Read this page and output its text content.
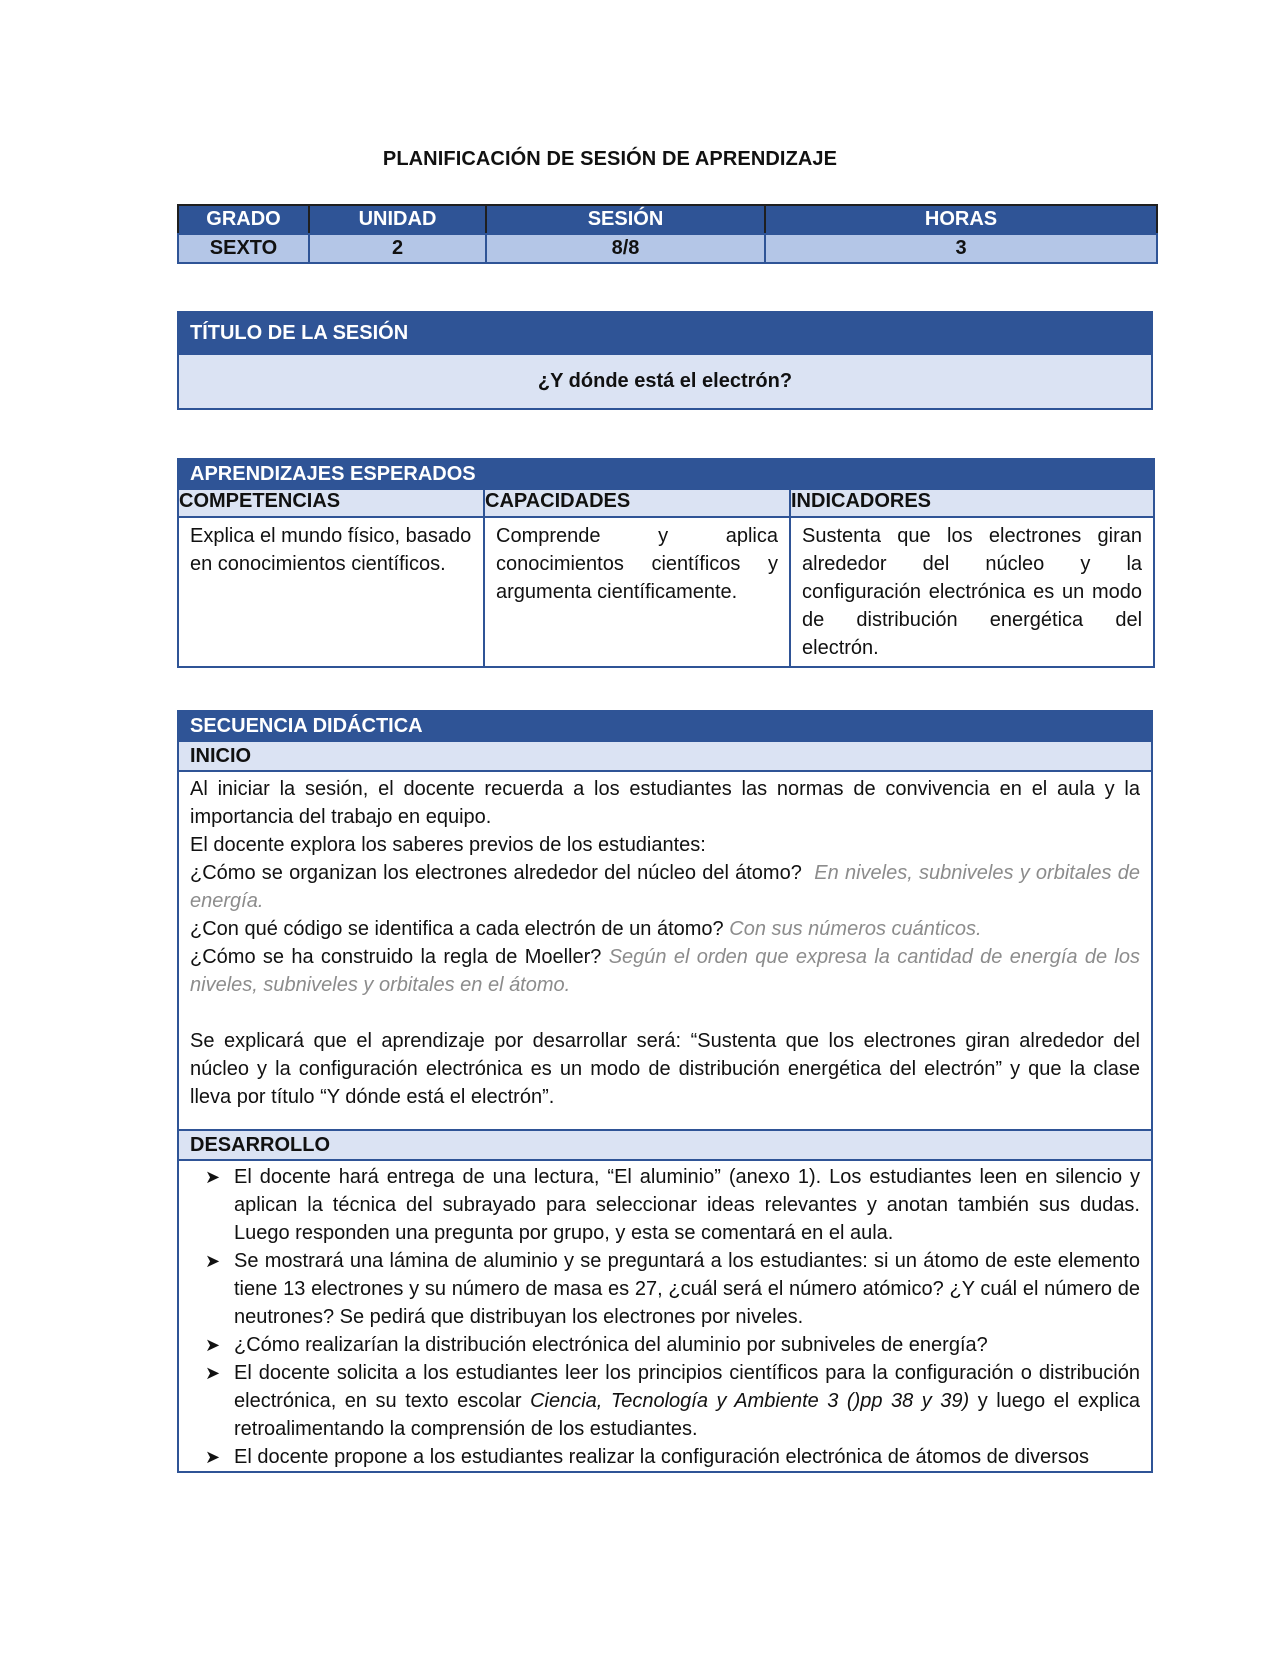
PLANIFICACIÓN DE SESIÓN DE APRENDIZAJE
GRADO	UNIDAD	SESIÓN	HORAS
SEXTO	2	8/8	3
TÍTULO DE LA SESIÓN
¿Y dónde está el electrón?
APRENDIZAJES ESPERADOS		
COMPETENCIAS	CAPACIDADES	INDICADORES
Explica el mundo físico, basado en conocimientos científicos.	Comprende y aplica conocimientos científicos y argumenta científicamente.	Sustenta que los electrones giran alrededor del núcleo y la configuración electrónica es un modo de distribución energética del electrón.
SECUENCIA DIDÁCTICA
INICIO

Al iniciar la sesión, el docente recuerda a los estudiantes las normas de convivencia en el aula y la importancia del trabajo en equipo.

El docente explora los saberes previos de los estudiantes:

¿Cómo se organizan los electrones alrededor del núcleo del átomo? En niveles, subniveles y orbitales de energía.

¿Con qué código se identifica a cada electrón de un átomo? Con sus números cuánticos.

¿Cómo se ha construido la regla de Moeller? Según el orden que expresa la cantidad de energía de los niveles, subniveles y orbitales en el átomo.

Se explicará que el aprendizaje por desarrollar será: “Sustenta que los electrones giran alrededor del núcleo y la configuración electrónica es un modo de distribución energética del electrón” y que la clase lleva por título “Y dónde está el electrón”.

DESARROLLO

➤ El docente hará entrega de una lectura, “El aluminio” (anexo 1). Los estudiantes leen en silencio y aplican la técnica del subrayado para seleccionar ideas relevantes y anotan también sus dudas. Luego responden una pregunta por grupo, y esta se comentará en el aula.
➤ Se mostrará una lámina de aluminio y se preguntará a los estudiantes: si un átomo de este elemento tiene 13 electrones y su número de masa es 27, ¿cuál será el número atómico? ¿Y cuál el número de neutrones? Se pedirá que distribuyan los electrones por niveles.
➤ ¿Cómo realizarían la distribución electrónica del aluminio por subniveles de energía?
➤ El docente solicita a los estudiantes leer los principios científicos para la configuración o distribución electrónica, en su texto escolar Ciencia, Tecnología y Ambiente 3 ()pp 38 y 39) y luego el explica retroalimentando la comprensión de los estudiantes.
➤ El docente propone a los estudiantes realizar la configuración electrónica de átomos de diversos
